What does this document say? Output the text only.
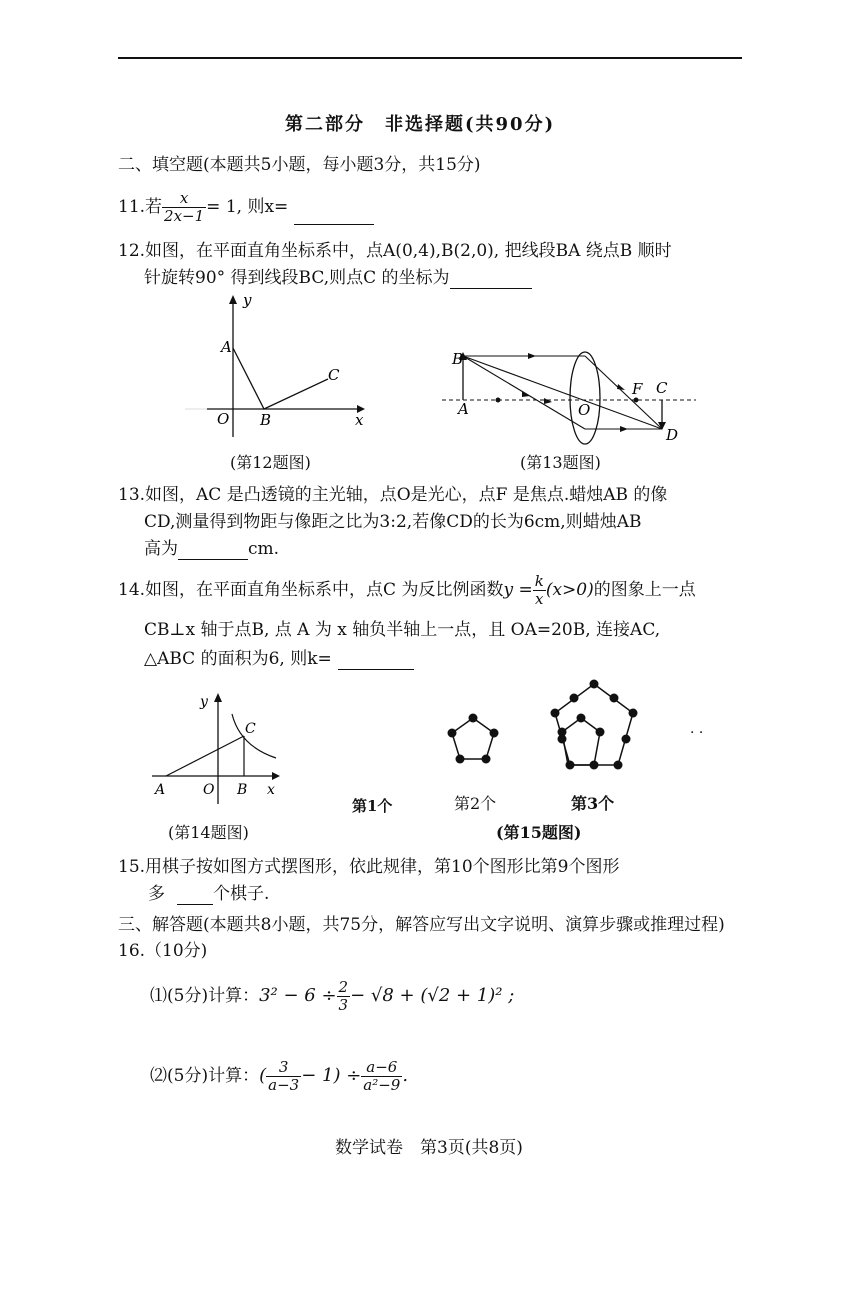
第二部分　非选择题(共90分)
二、填空题(本题共5小题，每小题3分，共15分)
11.若 $\frac{x}{2x-1} = 1$, 则x=
12.如图，在平面直角坐标系中，点A(0,4),B(2,0), 把线段BA 绕点B 顺时
针旋转90° 得到线段BC,则点C 的坐标为
y
A
C
O B	x
(第12题图)
B
A	O
F C
D
(第13题图)
13.如图，AC 是凸透镜的主光轴，点O是光心，点F 是焦点.蜡烛AB 的像
CD,测量得到物距与像距之比为3:2,若像CD的长为6cm,则蜡烛AB
高为	cm.
14.如图，在平面直角坐标系中，点C 为反比例函数$y = \frac{k}{x} (x>0)$的图象上一点
CB⊥x 轴于点B, 点 A 为 x 轴负半轴上一点，且 OA=20B, 连接AC,
△ABC 的面积为6, 则k=
y
C
A	O B x
(第14题图)
· ·
第1个	第2个	第3个
(第15题图)
15.用棋子按如图方式摆图形，依此规律，第10个图形比第9个图形
多	个棋子.
三、解答题(本题共8小题，共75分，解答应写出文字说明、演算步骤或推理过程)
16.（10分)
⑴(5分)计算：$3^2 - 6 \div \frac{2}{3} - √8 + (√2 + 1)^2$ ;
⑵(5分)计算：( $\frac{3}{a-3} - 1) \div \frac{a-6}{\text{a²−9}}$ .
数学试卷　第3页(共8页)
